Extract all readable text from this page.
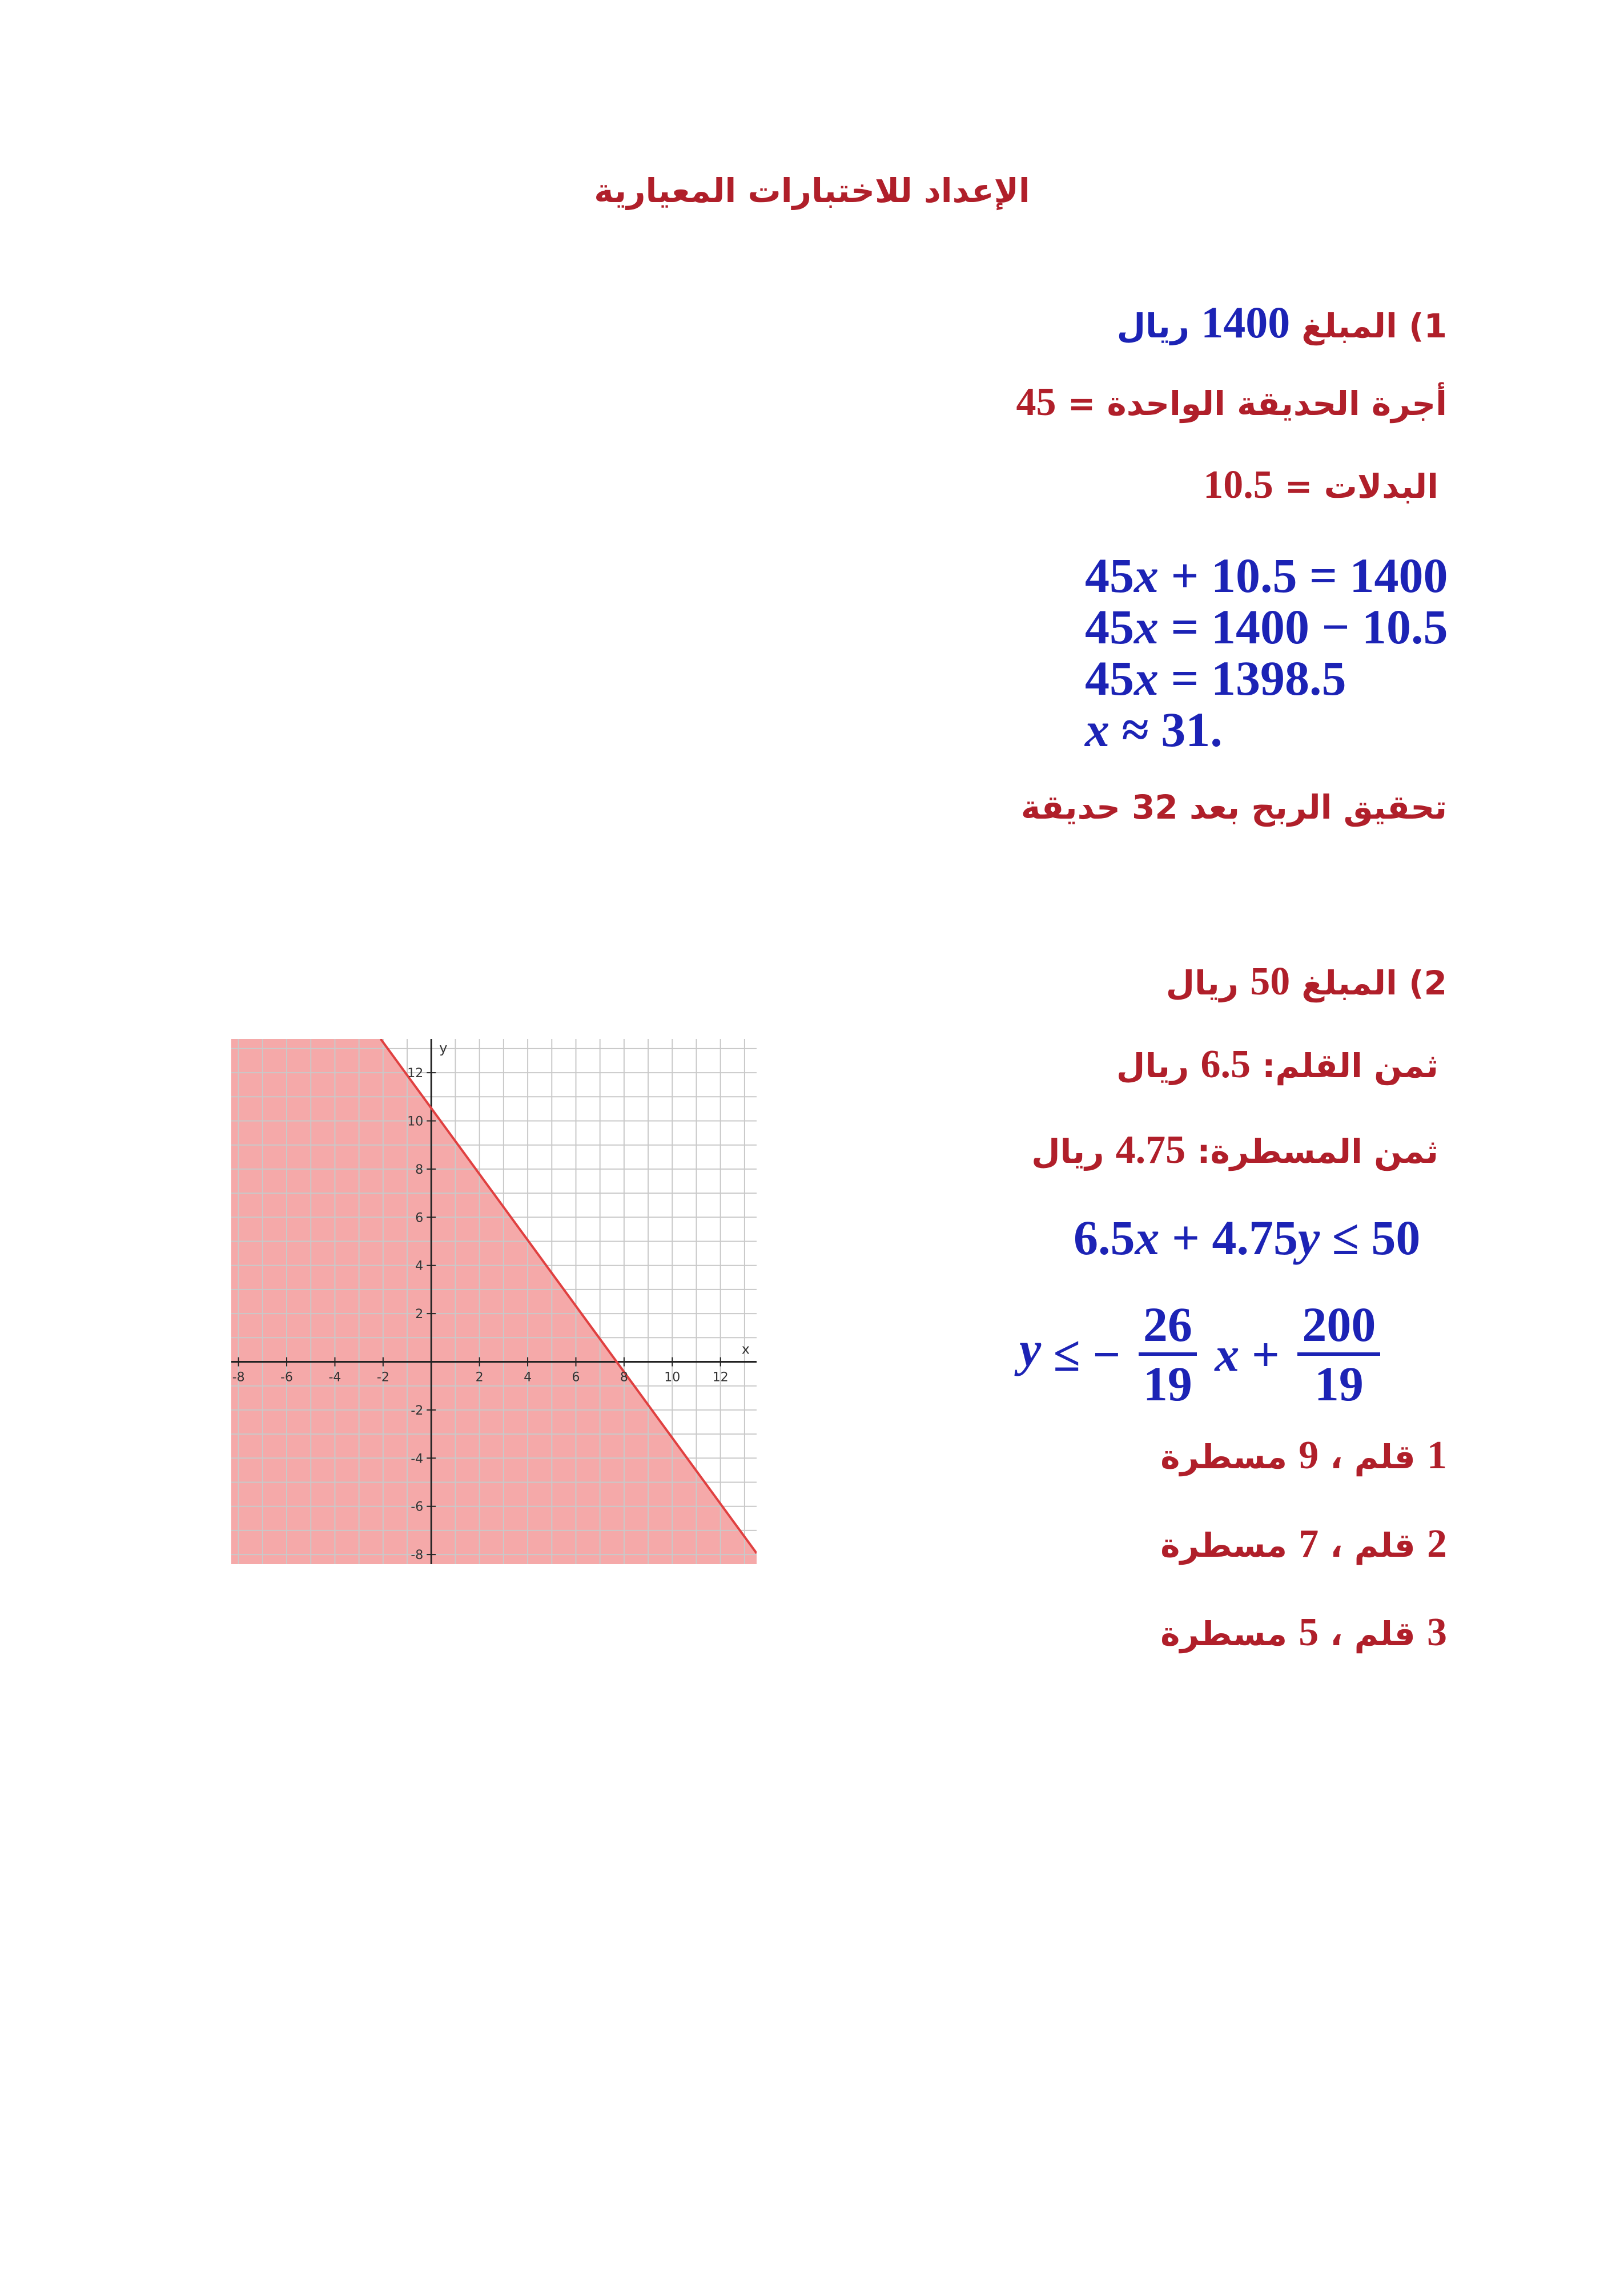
الإعداد للاختبارات المعيارية
1) المبلغ 1400 ريال
أجرة الحديقة الواحدة = 45
البدلات = 10.5
45x + 10.5 = 1400
45x = 1400 − 10.5
45x = 1398.5
x ≈ 31.
تحقيق الربح بعد 32 حديقة
2) المبلغ 50 ريال
ثمن القلم: 6.5 ريال
ثمن المسطرة: 4.75 ريال
6.5x + 4.75y ≤ 50
y ≤ − $\frac{26}{19}$ $x + \frac{200}{19}$
1 قلم ، 9 مسطرة
2 قلم ، 7 مسطرة
3 قلم ، 5 مسطرة
-8	-6	-4	-2	2	4	6	8	10	12
-8
-6
-4
-2
2
4
6
8
10
12
x
y
